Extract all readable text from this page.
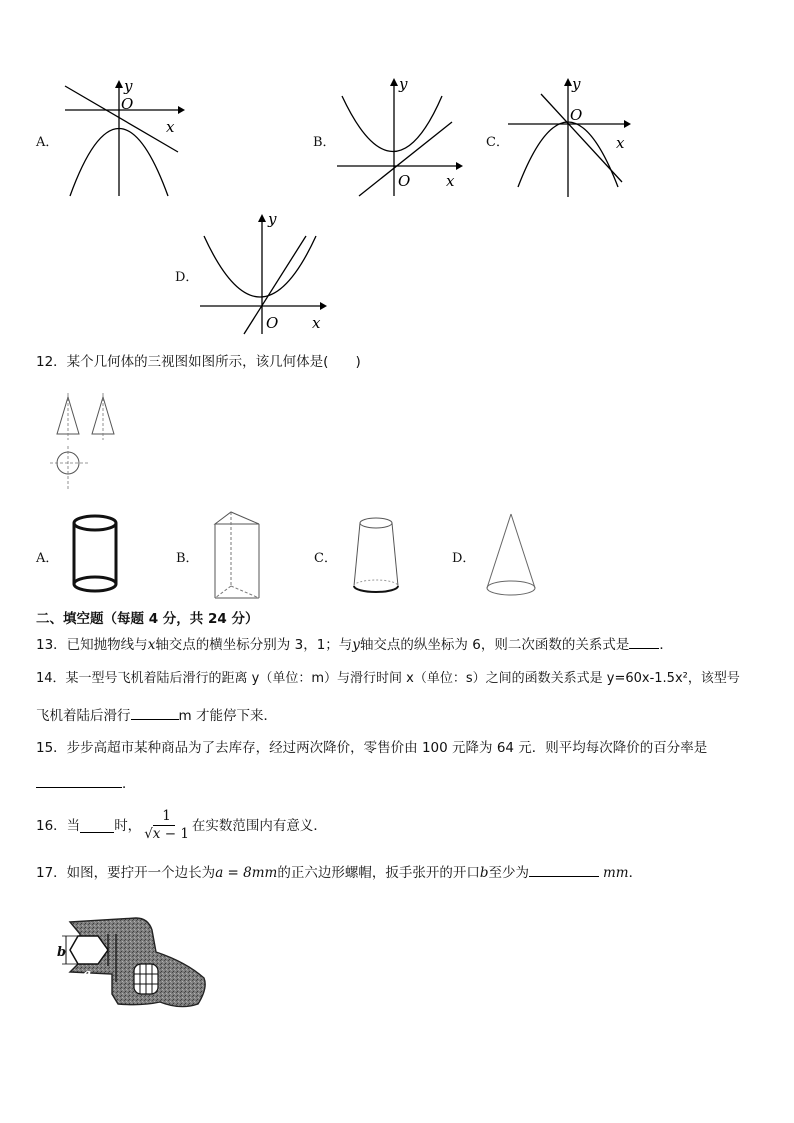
A．
y
O
x
B．
y
O x
C．
y
O
x
D．
y
O x
12．某个几何体的三视图如图所示，该几何体是(　　)
A．	B．	C．	D．
二、填空题（每题 4 分，共 24 分）
13．已知抛物线与x轴交点的横坐标分别为 3，1；与y轴交点的纵坐标为 6，则二次函数的关系式是 ．
14．某一型号飞机着陆后滑行的距离 y（单位：m）与滑行时间 x（单位：s）之间的函数关系式是 y=60x-1.5x²，该型号
飞机着陆后滑行	m 才能停下来．
15．步步高超市某种商品为了去库存，经过两次降价，零售价由 100 元降为 64 元．则平均每次降价的百分率是
．
16．当	时， $\frac{1}{√x - 1}$ 在实数范围内有意义．
17．如图，要拧开一个边长为a = 8mm的正六边形螺帽，扳手张开的开口b至少为	mm．
b
a
